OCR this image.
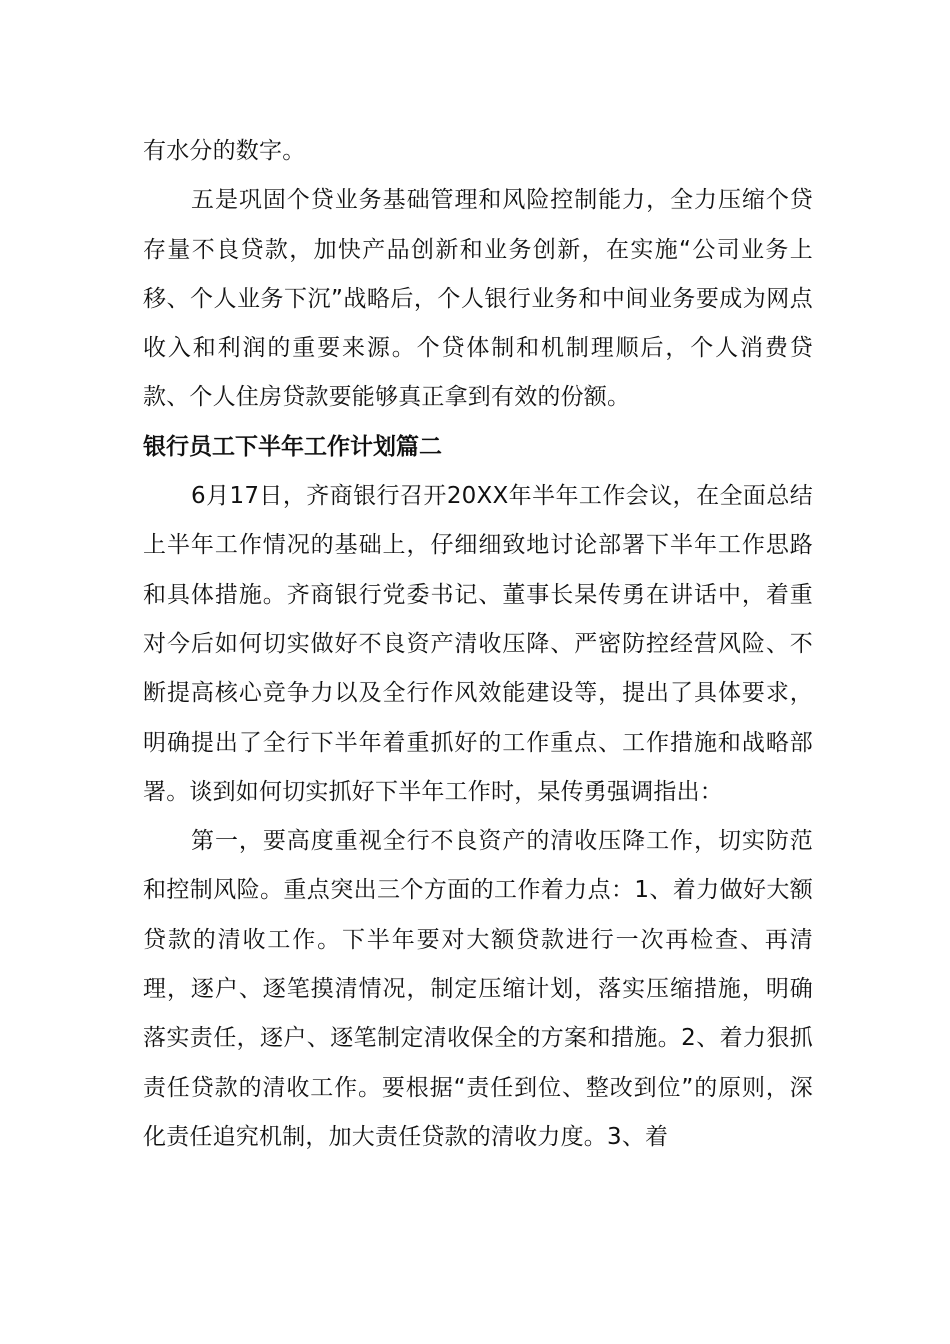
有水分的数字。

五是巩固个贷业务基础管理和风险控制能力，全力压缩个贷存量不良贷款，加快产品创新和业务创新，在实施“公司业务上移、个人业务下沉”战略后，个人银行业务和中间业务要成为网点收入和利润的重要来源。个贷体制和机制理顺后，个人消费贷款、个人住房贷款要能够真正拿到有效的份额。

银行员工下半年工作计划篇二

6月17日，齐商银行召开20XX年半年工作会议，在全面总结上半年工作情况的基础上，仔细细致地讨论部署下半年工作思路和具体措施。齐商银行党委书记、董事长杲传勇在讲话中，着重对今后如何切实做好不良资产清收压降、严密防控经营风险、不断提高核心竞争力以及全行作风效能建设等，提出了具体要求，明确提出了全行下半年着重抓好的工作重点、工作措施和战略部署。谈到如何切实抓好下半年工作时，杲传勇强调指出：

第一，要高度重视全行不良资产的清收压降工作，切实防范和控制风险。重点突出三个方面的工作着力点：1、着力做好大额贷款的清收工作。下半年要对大额贷款进行一次再检查、再清理，逐户、逐笔摸清情况，制定压缩计划，落实压缩措施，明确落实责任，逐户、逐笔制定清收保全的方案和措施。2、着力狠抓责任贷款的清收工作。要根据“责任到位、整改到位”的原则，深化责任追究机制，加大责任贷款的清收力度。3、着
